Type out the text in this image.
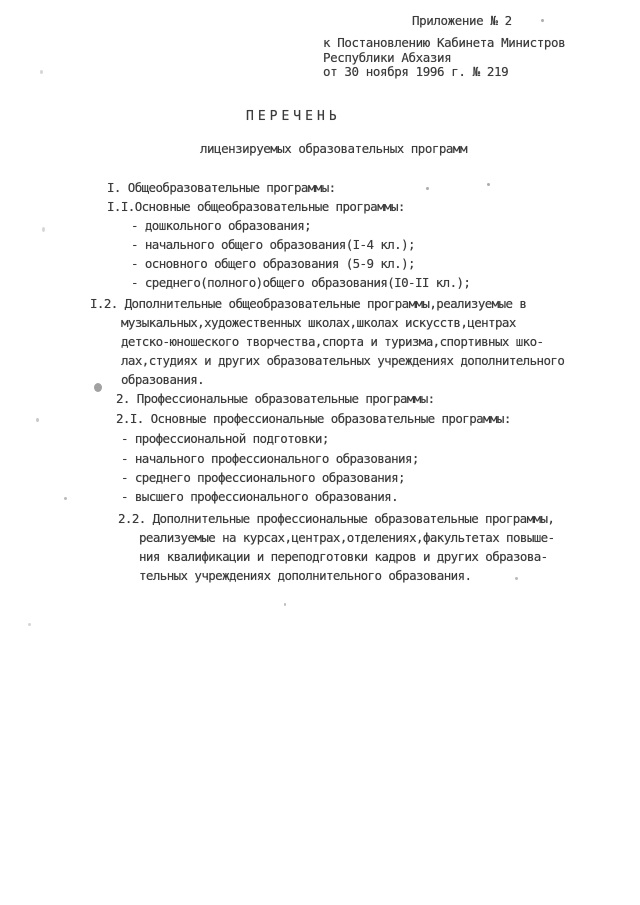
Приложение № 2
к Постановлению Кабинета Министров
Республики Абхазия
от 30 ноября 1996 г. № 219
ПЕРЕЧЕНЬ
лицензируемых образовательных программ
I. Общеобразовательные программы:
I.I.Основные общеобразовательные программы:
- дошкольного образования;
- начального общего образования(I-4 кл.);
- основного общего образования (5-9 кл.);
- среднего(полного)общего образования(I0-II кл.);
I.2. Дополнительные общеобразовательные программы,реализуемые в
музыкальных,художественных школах,школах искусств,центрах
детско-юношеского творчества,спорта и туризма,спортивных шко-
лах,студиях и других образовательных учреждениях дополнительного
образования.
2. Профессиональные образовательные программы:
2.I. Основные профессиональные образовательные программы:
- профессиональной подготовки;
- начального профессионального образования;
- среднего профессионального образования;
- высшего профессионального образования.
2.2. Дополнительные профессиональные образовательные программы,
реализуемые на курсах,центрах,отделениях,факультетах повыше-
ния квалификации и переподготовки кадров и других образова-
тельных учреждениях дополнительного образования.
